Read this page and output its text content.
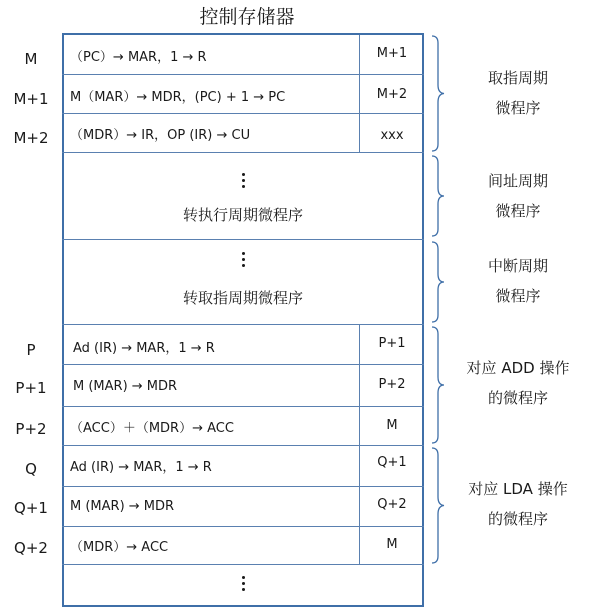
控制存储器
M
M+1
M+2
P
P+1
P+2
Q
Q+1
Q+2
（PC）→ MAR，1 → R
M（MAR）→ MDR，(PC) + 1 → PC
（MDR）→ IR，OP (IR) → CU
Ad (IR) → MAR，1 → R
M (MAR) → MDR
（ACC）＋（MDR）→ ACC
Ad (IR) → MAR，1 → R
M (MAR) → MDR
（MDR）→ ACC
M+1
M+2
xxx
P+1
P+2
M
Q+1
Q+2
M
转执行周期微程序
转取指周期微程序
取指周期
微程序
间址周期
微程序
中断周期
微程序
对应 ADD 操作
的微程序
对应 LDA 操作
的微程序
